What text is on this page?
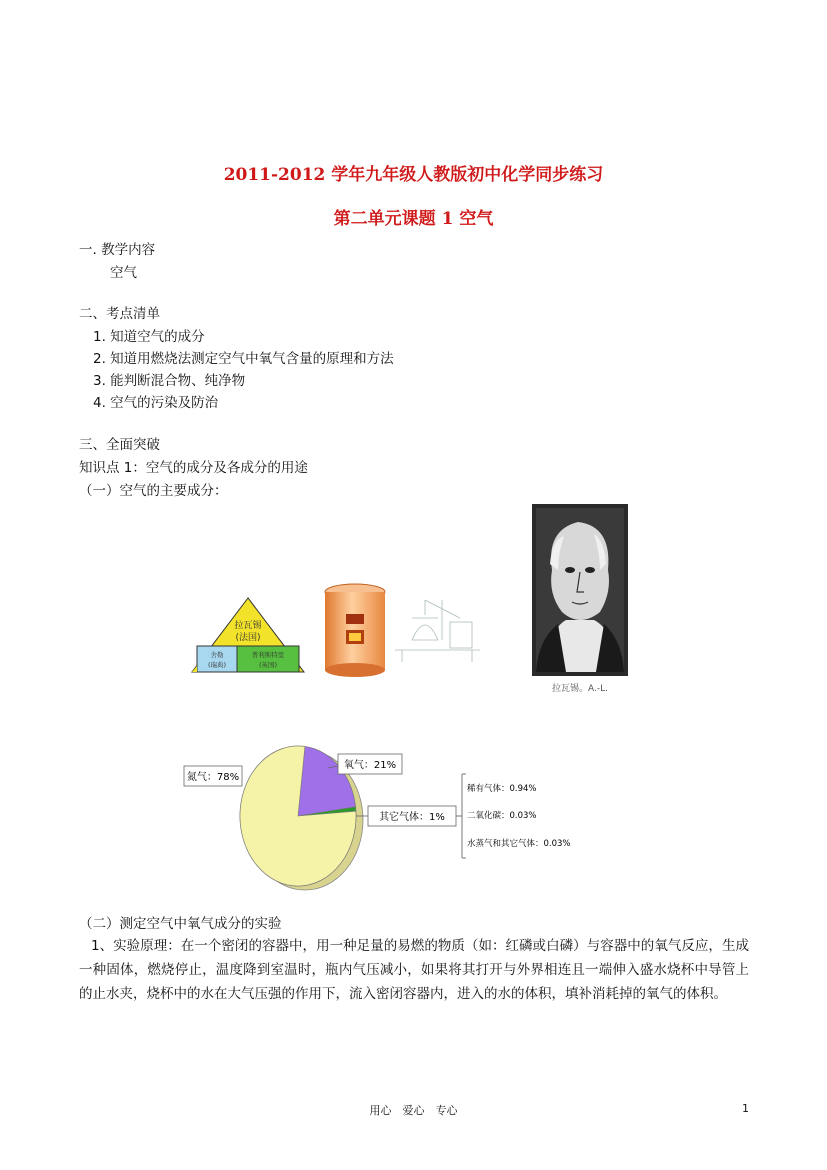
2011-2012 学年九年级人教版初中化学同步练习
第二单元课题 1 空气
一. 教学内容
空气
二、考点清单
1. 知道空气的成分
2. 知道用燃烧法测定空气中氧气含量的原理和方法
3. 能判断混合物、纯净物
4. 空气的污染及防治
三、全面突破
知识点 1：空气的成分及各成分的用途
（一）空气的主要成分：
拉瓦锡
(法国)
舍勒
(瑞典)
普利斯特里
(英国)
拉瓦锡。A.-L.
氮气：78%
氧气：21%
其它气体：1%
稀有气体：0.94%
二氧化碳：0.03%
水蒸气和其它气体：0.03%
（二）测定空气中氧气成分的实验
1、实验原理：在一个密闭的容器中，用一种足量的易燃的物质（如：红磷或白磷）与容器中的氧气反应，生成一种固体，燃烧停止，温度降到室温时，瓶内气压减小，如果将其打开与外界相连且一端伸入盛水烧杯中导管上的止水夹，烧杯中的水在大气压强的作用下，流入密闭容器内，进入的水的体积，填补消耗掉的氧气的体积。
用心　爱心　专心	1
